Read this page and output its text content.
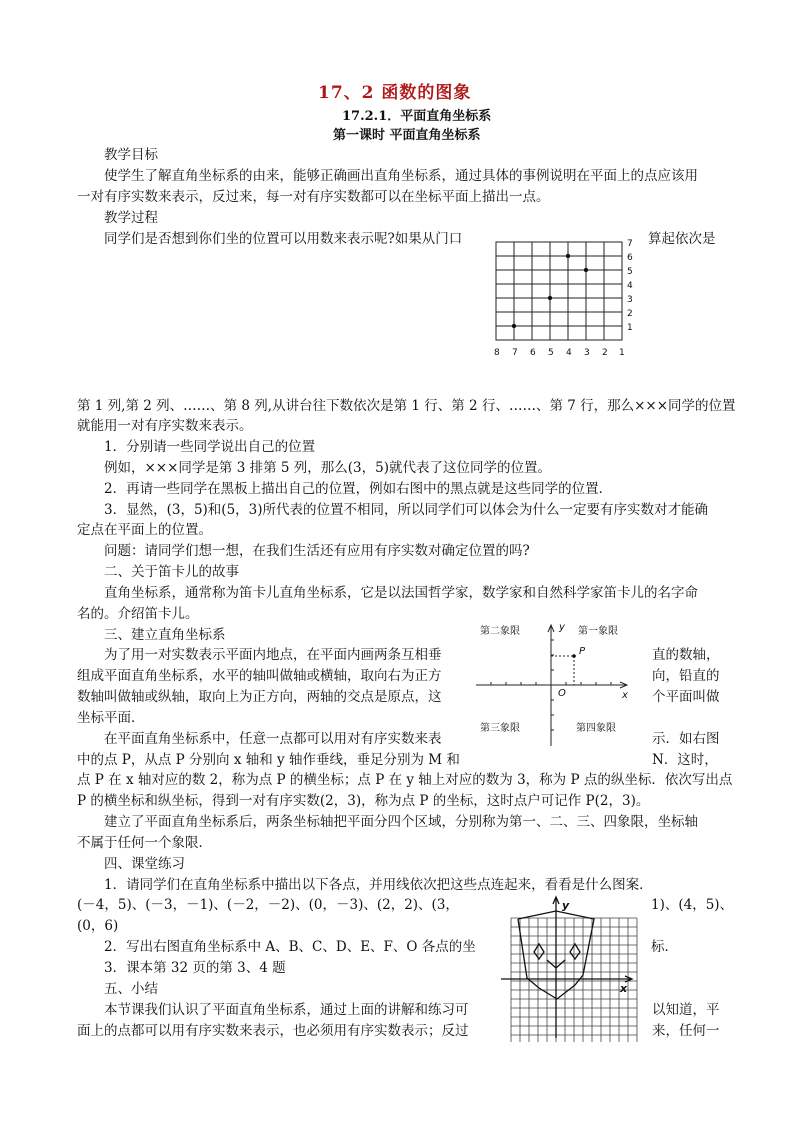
17、2 函数的图象
17.2.1．平面直角坐标系
第一课时 平面直角坐标系
教学目标
使学生了解直角坐标系的由来，能够正确画出直角坐标系，通过具体的事例说明在平面上的点应该用
一对有序实数来表示，反过来，每一对有序实数都可以在坐标平面上描出一点。
教学过程
同学们是否想到你们坐的位置可以用数来表示呢?如果从门口	算起依次是
第 1 列,第 2 列、……、第 8 列,从讲台往下数依次是第 1 行、第 2 行、……、第 7 行，那么×××同学的位置
就能用一对有序实数来表示。
1．分别请一些同学说出自己的位置
例如，×××同学是第 3 排第 5 列，那么(3，5)就代表了这位同学的位置。
2．再请一些同学在黑板上描出自己的位置，例如右图中的黑点就是这些同学的位置．
3．显然，(3，5)和(5，3)所代表的位置不相同，所以同学们可以体会为什么一定要有序实数对才能确
定点在平面上的位置。
问题：请同学们想一想，在我们生活还有应用有序实数对确定位置的吗?
二、关于笛卡儿的故事
直角坐标系，通常称为笛卡儿直角坐标系，它是以法国哲学家，数学家和自然科学家笛卡儿的名字命
名的。介绍笛卡儿。
三、建立直角坐标系
为了用一对实数表示平面内地点，在平面内画两条互相垂	直的数轴，
组成平面直角坐标系，水平的轴叫做轴或横轴，取向右为正方	向，铅直的
数轴叫做轴或纵轴，取向上为正方向，两轴的交点是原点，这	个平面叫做
坐标平面．
在平面直角坐标系中，任意一点都可以用对有序实数来表	示．如右图
中的点 P，从点 P 分别向 x 轴和 y 轴作垂线，垂足分别为 M 和	N．这时，
点 P 在 x 轴对应的数 2，称为点 P 的横坐标；点 P 在 y 轴上对应的数为 3，称为 P 点的纵坐标．依次写出点
P 的横坐标和纵坐标，得到一对有序实数(2，3)，称为点 P 的坐标，这时点户可记作 P(2，3)。
建立了平面直角坐标系后，两条坐标轴把平面分四个区域，分别称为第一、二、三、四象限，坐标轴
不属于任何一个象限．
四、课堂练习
1．请同学们在直角坐标系中描出以下各点，并用线依次把这些点连起来，看看是什么图案．
(－4，5)、(－3，－1)、(－2，－2)、(0，－3)、(2，2)、(3，	1)、(4，5)、
(0，6)
2．写出右图直角坐标系中 A、B、C、D、E、F、O 各点的坐	标．
3．课本第 32 页的第 3、4 题
五、小结
本节课我们认识了平面直角坐标系，通过上面的讲解和练习可	以知道，平
面上的点都可以用有序实数来表示，也必须用有序实数表示；反过	来，任何一
7
6
5
4
3
2
1
8 7 6 5 4 3 2 1
第二象限	第一象限
第三象限	第四象限
y
x
P
O
y
x
